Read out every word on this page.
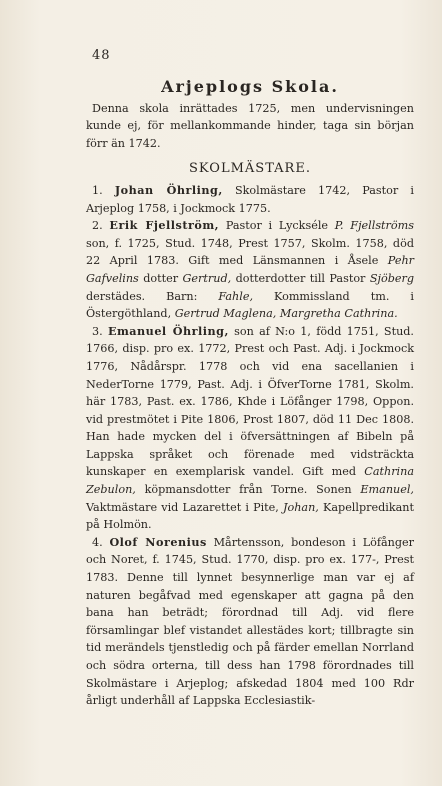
48
Arjeplogs Skola.

Denna skola inrättades 1725, men undervisningen kunde ej, för mellankommande hinder, taga sin början förr än 1742.

SKOLMÄSTARE.

1. Johan Öhrling, Skolmästare 1742, Pastor i Arjeplog 1758, i Jockmock 1775.

2. Erik Fjellström, Pastor i Lyckséle P. Fjellströms son, f. 1725, Stud. 1748, Prest 1757, Skolm. 1758, död 22 April 1783. Gift med Länsmannen i Åsele Pehr Gafvelins dotter Gertrud, dotterdotter till Pastor Sjöberg derstädes. Barn: Fahle, Kommissland tm. i Östergöthland, Gertrud Maglena, Margretha Cathrina.

3. Emanuel Öhrling, son af N:o 1, född 1751, Stud. 1766, disp. pro ex. 1772, Prest och Past. Adj. i Jockmock 1776, Nådårspr. 1778 och vid ena sacellanien i NederTorne 1779, Past. Adj. i ÖfverTorne 1781, Skolm. här 1783, Past. ex. 1786, Khde i Löfånger 1798, Oppon. vid prestmötet i Pite 1806, Prost 1807, död 11 Dec 1808. Han hade mycken del i öfversättningen af Bibeln på Lappska språket och förenade med vidsträckta kunskaper en exemplarisk vandel. Gift med Cathrina Zebulon, köpmansdotter från Torne. Sonen Emanuel, Vaktmästare vid Lazarettet i Pite, Johan, Kapellpredikant på Holmön.

4. Olof Norenius Mårtensson, bondeson i Löfånger och Noret, f. 1745, Stud. 1770, disp. pro ex. 177-, Prest 1783. Denne till lynnet besynnerlige man var ej af naturen begåfvad med egenskaper att gagna på den bana han beträdt; förordnad till Adj. vid flere församlingar blef vistandet allestädes kort; tillbragte sin tid merändels tjenstledig och på färder emellan Norrland och södra orterna, till dess han 1798 förordnades till Skolmästare i Arjeplog; afskedad 1804 med 100 Rdr årligt underhåll af Lappska Ecclesiastik-
